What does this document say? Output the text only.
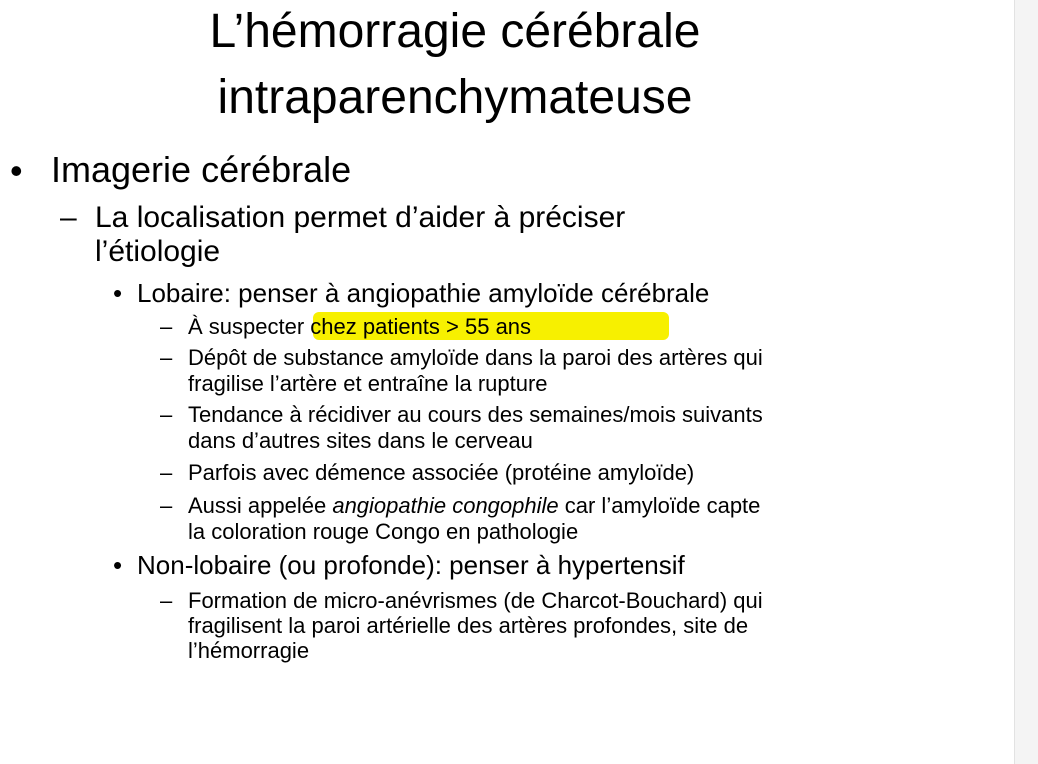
L’hémorragie cérébrale
intraparenchymateuse
• Imagerie cérébrale
– La localisation permet d’aider à préciser
l’étiologie
• Lobaire: penser à angiopathie amyloïde cérébrale
– À suspecter chez patients > 55 ans
– Dépôt de substance amyloïde dans la paroi des artères qui
fragilise l’artère et entraîne la rupture
– Tendance à récidiver au cours des semaines/mois suivants
dans d’autres sites dans le cerveau
– Parfois avec démence associée (protéine amyloïde)
– Aussi appelée angiopathie congophile car l’amyloïde capte
la coloration rouge Congo en pathologie
• Non-lobaire (ou profonde): penser à hypertensif
– Formation de micro-anévrismes (de Charcot-Bouchard) qui
fragilisent la paroi artérielle des artères profondes, site de
l’hémorragie
